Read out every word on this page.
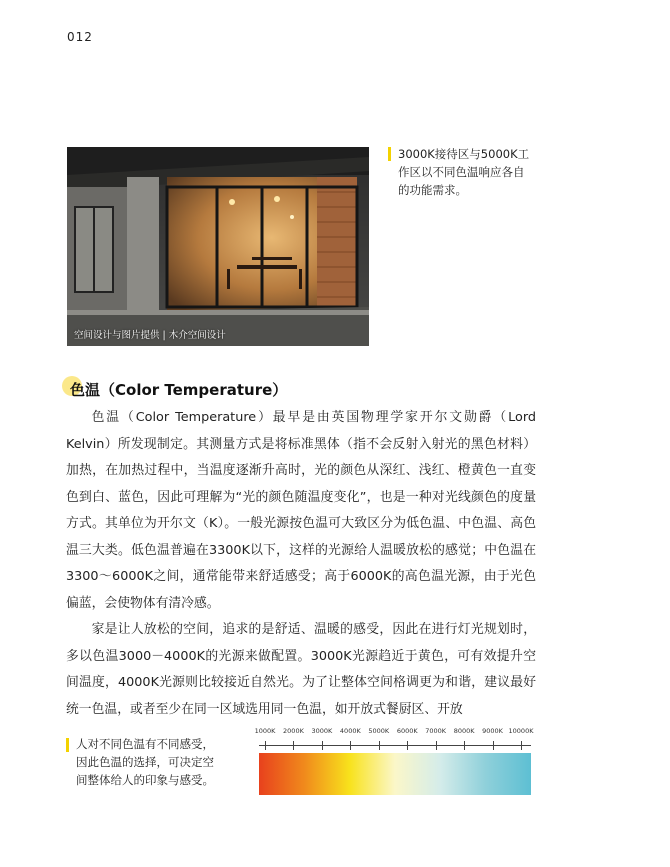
012
空间设计与图片提供 | 木介空间设计
3000K接待区与5000K工
作区以不同色温响应各自
的功能需求。
色温（Color Temperature）

色温（Color Temperature）最早是由英国物理学家开尔文勋爵（Lord Kelvin）所发现制定。其测量方式是将标准黑体（指不会反射入射光的黑色材料）加热，在加热过程中，当温度逐渐升高时，光的颜色从深红、浅红、橙黄色一直变色到白、蓝色，因此可理解为“光的颜色随温度变化”，也是一种对光线颜色的度量方式。其单位为开尔文（K）。一般光源按色温可大致区分为低色温、中色温、高色温三大类。低色温普遍在3300K以下，这样的光源给人温暖放松的感觉；中色温在3300～6000K之间，通常能带来舒适感受；高于6000K的高色温光源，由于光色偏蓝，会使物体有清冷感。

家是让人放松的空间，追求的是舒适、温暖的感受，因此在进行灯光规划时，多以色温3000－4000K的光源来做配置。3000K光源趋近于黄色，可有效提升空间温度，4000K光源则比较接近自然光。为了让整体空间格调更为和谐，建议最好统一色温，或者至少在同一区域选用同一色温，如开放式餐厨区、开放

人对不同色温有不同感受，
因此色温的选择，可决定空
间整体给人的印象与感受。
1000K 2000K 3000K 4000K 5000K 6000K 7000K 8000K 9000K 10000K
